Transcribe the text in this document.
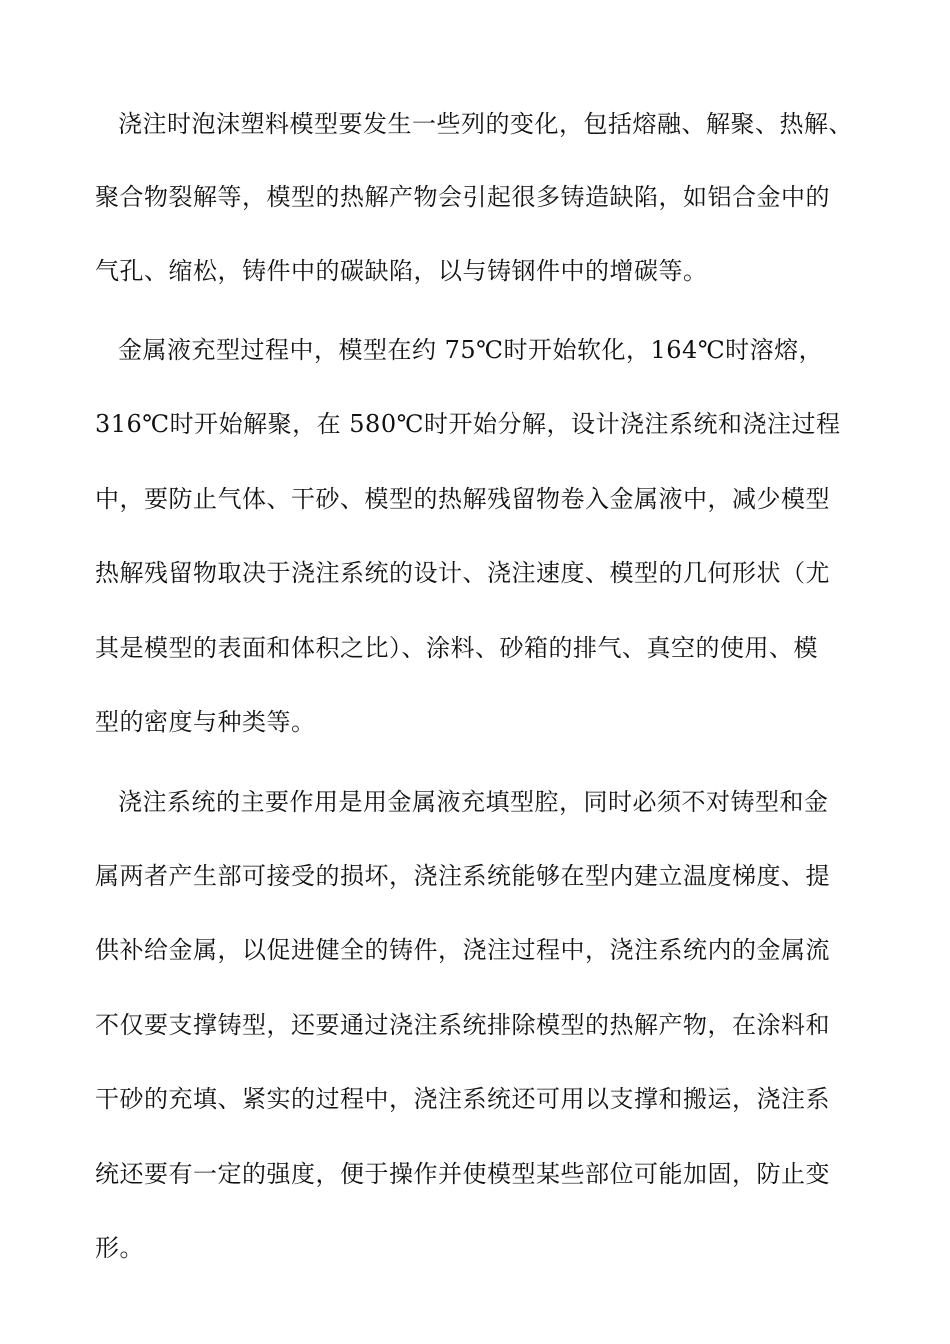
浇注时泡沫塑料模型要发生一些列的变化，包括熔融、解聚、热解、
聚合物裂解等，模型的热解产物会引起很多铸造缺陷，如铝合金中的
气孔、缩松，铸件中的碳缺陷，以与铸钢件中的增碳等。
金属液充型过程中，模型在约 75℃时开始软化，164℃时溶熔，
316℃时开始解聚，在 580℃时开始分解，设计浇注系统和浇注过程
中，要防止气体、干砂、模型的热解残留物卷入金属液中，减少模型
热解残留物取决于浇注系统的设计、浇注速度、模型的几何形状（尤
其是模型的表面和体积之比）、涂料、砂箱的排气、真空的使用、模
型的密度与种类等。
浇注系统的主要作用是用金属液充填型腔，同时必须不对铸型和金
属两者产生部可接受的损坏，浇注系统能够在型内建立温度梯度、提
供补给金属，以促进健全的铸件，浇注过程中，浇注系统内的金属流
不仅要支撑铸型，还要通过浇注系统排除模型的热解产物，在涂料和
干砂的充填、紧实的过程中，浇注系统还可用以支撑和搬运，浇注系
统还要有一定的强度，便于操作并使模型某些部位可能加固，防止变
形。
